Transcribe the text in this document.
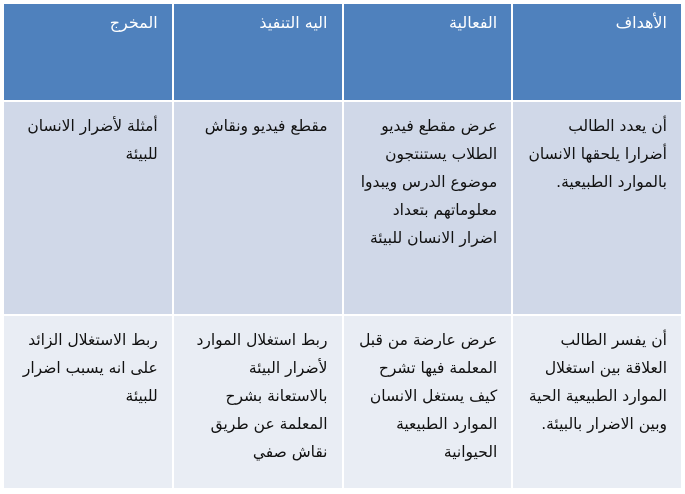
الأهداف	الفعالية	اليه التنفيذ	المخرج
أن يعدد الطالب أضرارا يلحقها الانسان بالموارد الطبيعية.	عرض مقطع فيديو الطلاب يستنتجون موضوع الدرس ويبدوا معلوماتهم بتعداد اضرار الانسان للبيئة	مقطع فيديو ونقاش	أمثلة لأضرار الانسان للبيئة
أن يفسر الطالب العلاقة بين استغلال الموارد الطبيعية الحية وبين الاضرار بالبيئة.	عرض عارضة من قبل المعلمة فيها تشرح كيف يستغل الانسان الموارد الطبيعية الحيوانية	ربط استغلال الموارد لأضرار البيئة بالاستعانة بشرح المعلمة عن طريق نقاش صفي	ربط الاستغلال الزائد على انه يسبب اضرار للبيئة
